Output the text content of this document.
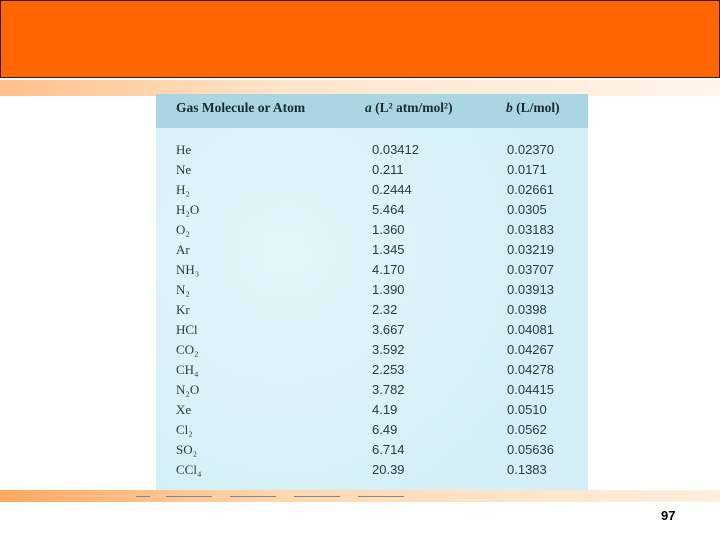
Gas Molecule or Atom	a (L² atm/mol²)	b (L/mol)
He	0.03412	0.02370
Ne	0.211	0.0171
H₂	0.2444	0.02661
H₂O	5.464	0.0305
O₂	1.360	0.03183
Ar	1.345	0.03219
NH₃	4.170	0.03707
N₂	1.390	0.03913
Kr	2.32	0.0398
HCl	3.667	0.04081
CO₂	3.592	0.04267
CH₄	2.253	0.04278
N₂O	3.782	0.04415
Xe	4.19	0.0510
Cl₂	6.49	0.0562
SO₂	6.714	0.05636
CCl₄	20.39	0.1383
97
